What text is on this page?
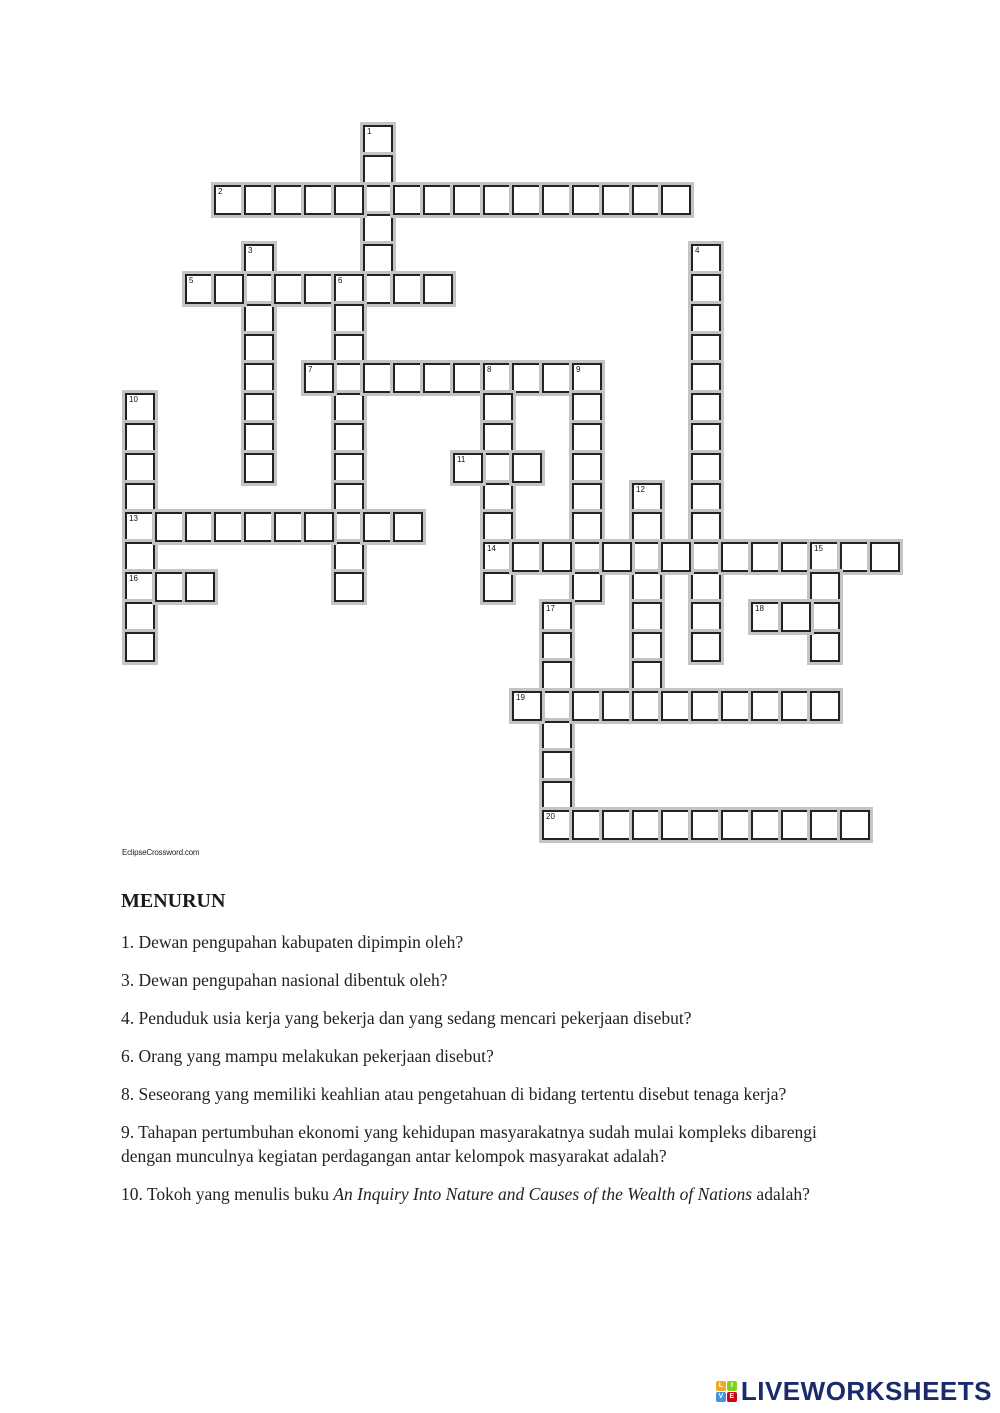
1
2
3	4
5	6
7	8
14
9
10
13
16
11
12
15
17	18
19
20
EclipseCrossword.com
MENURUN

1. Dewan pengupahan kabupaten dipimpin oleh?

3. Dewan pengupahan nasional dibentuk oleh?

4. Penduduk usia kerja yang bekerja dan yang sedang mencari pekerjaan disebut?

6. Orang yang mampu melakukan pekerjaan disebut?

8. Seseorang yang memiliki keahlian atau pengetahuan di bidang tertentu disebut tenaga kerja?

9. Tahapan pertumbuhan ekonomi yang kehidupan masyarakatnya sudah mulai kompleks dibarengi dengan munculnya kegiatan perdagangan antar kelompok masyarakat adalah?

10. Tokoh yang menulis buku An Inquiry Into Nature and Causes of the Wealth of Nations adalah?

L	I
V E LIVEWORKSHEETS
